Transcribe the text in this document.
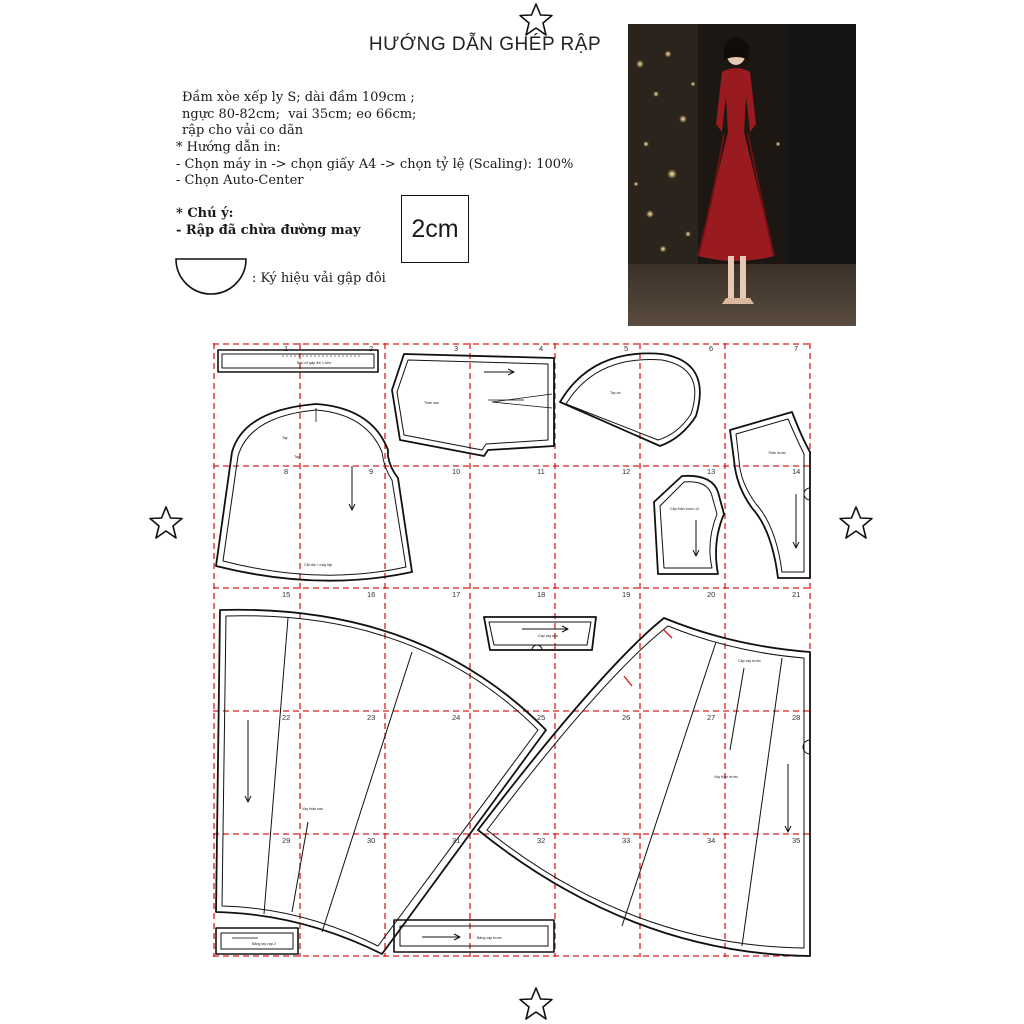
HƯỚNG DẪN GHÉP RẬP
Đầm xòe xếp ly S; dài đầm 109cm ;
ngực 80-82cm;  vai 35cm; eo 66cm;
rập cho vải co dãn
* Hướng dẫn in:
- Chọn máy in -> chọn giấy A4 -> chọn tỷ lệ (Scaling): 100%
- Chọn Auto-Center
* Chú ý:
- Rập đã chừa đường may 2cm
: Ký hiệu vải gập đôi
1	2	3	4	5	6	7
8	9	10	11	12	13	14
15	16	17	18	19	20	21
22	23	24	25	26	27	28
29	30	31	32	33	34	35
Bản cổ gập đôi 1 bên
Thân sau
Tay áo
Tay
Tay
Cắt dài + may lập
Thân trước
Cặp thân trước x2
Cạp váy sau
Váy thân sau
Váy thân trước
Cặp váy trước
Băng tay cạp 2
Băng cạp trước
